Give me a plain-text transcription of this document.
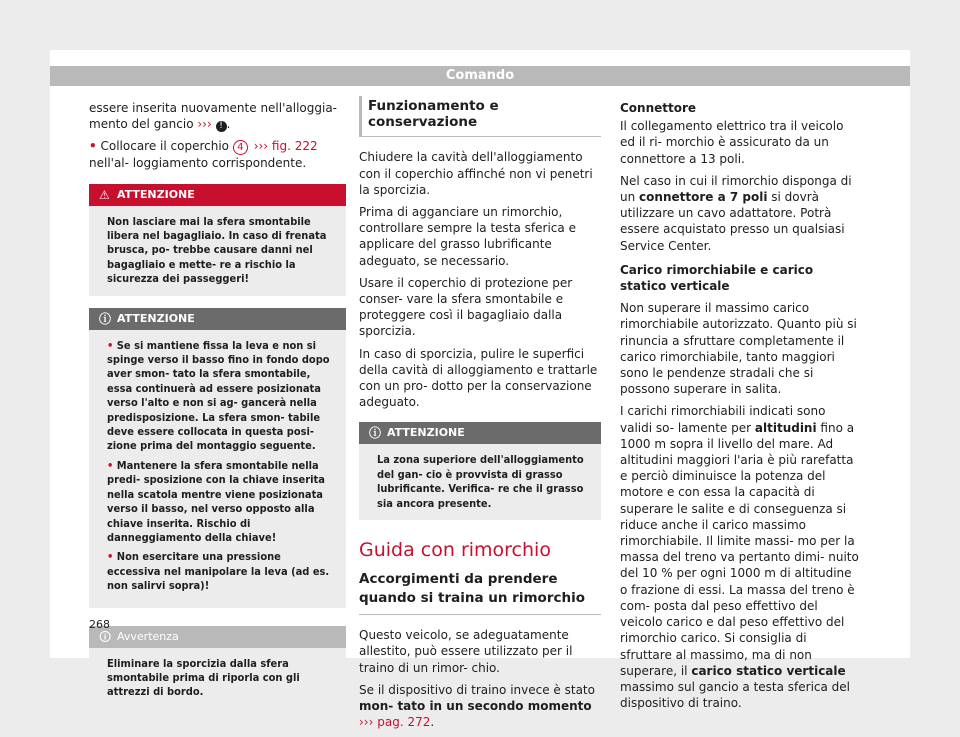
Comando

essere inserita nuovamente nell'alloggia- mento del gancio ››› ! .

• Collocare il coperchio 4 ››› fig. 222 nell'al- loggiamento corrispondente.

⚠ ATTENZIONE
Non lasciare mai la sfera smontabile libera nel bagagliaio. In caso di frenata brusca, po- trebbe causare danni nel bagagliaio e mette- re a rischio la sicurezza dei passeggeri!
ⓘ ATTENZIONE
• Se si mantiene fissa la leva e non si spinge verso il basso fino in fondo dopo aver smon- tato la sfera smontabile, essa continuerà ad essere posizionata verso l'alto e non si ag- gancerà nella predisposizione. La sfera smon- tabile deve essere collocata in questa posi- zione prima del montaggio seguente.
• Mantenere la sfera smontabile nella predi- sposizione con la chiave inserita nella scatola mentre viene posizionata verso il basso, nel verso opposto alla chiave inserita. Rischio di danneggiamento della chiave!
• Non esercitare una pressione eccessiva nel manipolare la leva (ad es. non salirvi sopra)!
🛈 Avvertenza
Eliminare la sporcizia dalla sfera smontabile prima di riporla con gli attrezzi di bordo.
Funzionamento e conservazione

Chiudere la cavità dell'alloggiamento con il coperchio affinché non vi penetri la sporcizia.

Prima di agganciare un rimorchio, controllare sempre la testa sferica e applicare del grasso lubrificante adeguato, se necessario.

Usare il coperchio di protezione per conser- vare la sfera smontabile e proteggere così il bagagliaio dalla sporcizia.

In caso di sporcizia, pulire le superfici della cavità di alloggiamento e trattarle con un pro- dotto per la conservazione adeguato.

ⓘ ATTENZIONE
La zona superiore dell'alloggiamento del gan- cio è provvista di grasso lubrificante. Verifica- re che il grasso sia ancora presente.
Guida con rimorchio
Accorgimenti da prendere quando si traina un rimorchio

Questo veicolo, se adeguatamente allestito, può essere utilizzato per il traino di un rimor- chio.

Se il dispositivo di traino invece è stato mon- tato in un secondo momento ››› pag. 272.

Connettore

Il collegamento elettrico tra il veicolo ed il ri- morchio è assicurato da un connettore a 13 poli.

Nel caso in cui il rimorchio disponga di un connettore a 7 poli si dovrà utilizzare un cavo adattatore. Potrà essere acquistato presso un qualsiasi Service Center.

Carico rimorchiabile e carico statico verticale

Non superare il massimo carico rimorchiabile autorizzato. Quanto più si rinuncia a sfruttare completamente il carico rimorchiabile, tanto maggiori sono le pendenze stradali che si possono superare in salita.

I carichi rimorchiabili indicati sono validi so- lamente per altitudini fino a 1000 m sopra il livello del mare. Ad altitudini maggiori l'aria è più rarefatta e perciò diminuisce la potenza del motore e con essa la capacità di superare le salite e di conseguenza si riduce anche il carico massimo rimorchiabile. Il limite massi- mo per la massa del treno va pertanto dimi- nuito del 10 % per ogni 1000 m di altitudine o frazione di essi. La massa del treno è com- posta dal peso effettivo del veicolo carico e dal peso effettivo del rimorchio carico. Si consiglia di sfruttare al massimo, ma di non superare, il carico statico verticale massimo sul gancio a testa sferica del dispositivo di traino.

268
